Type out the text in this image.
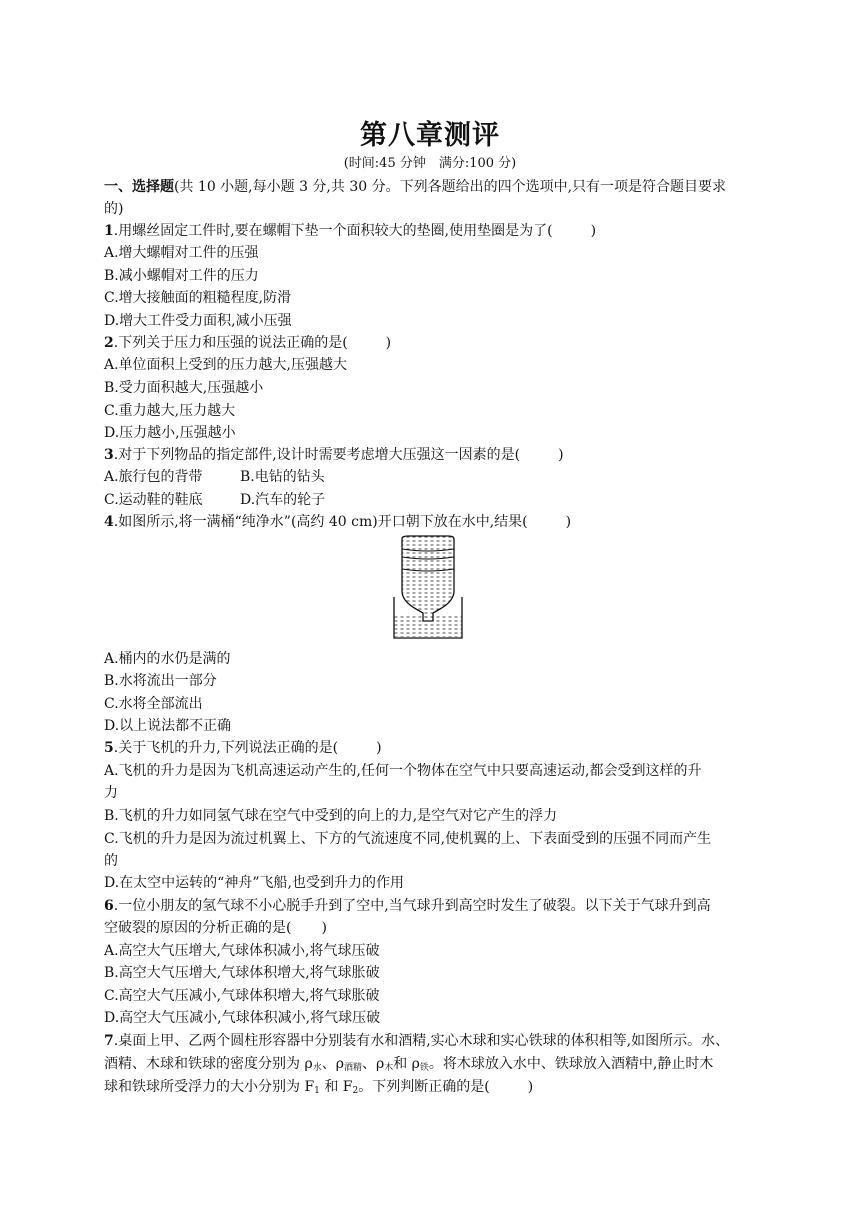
第八章测评
(时间:45 分钟　满分:100 分)
一、选择题(共 10 小题,每小题 3 分,共 30 分。下列各题给出的四个选项中,只有一项是符合题目要求
的)
1.用螺丝固定工件时,要在螺帽下垫一个面积较大的垫圈,使用垫圈是为了(	)
A.增大螺帽对工件的压强
B.减小螺帽对工件的压力
C.增大接触面的粗糙程度,防滑
D.增大工件受力面积,减小压强
2.下列关于压力和压强的说法正确的是(	)
A.单位面积上受到的压力越大,压强越大
B.受力面积越大,压强越小
C.重力越大,压力越大
D.压力越小,压强越小
3.对于下列物品的指定部件,设计时需要考虑增大压强这一因素的是(	)
A.旅行包的背带	B.电钻的钻头
C.运动鞋的鞋底	D.汽车的轮子
4.如图所示,将一满桶“纯净水”(高约 40 cm)开口朝下放在水中,结果(	)
A.桶内的水仍是满的
B.水将流出一部分
C.水将全部流出
D.以上说法都不正确
5.关于飞机的升力,下列说法正确的是(	)
A.飞机的升力是因为飞机高速运动产生的,任何一个物体在空气中只要高速运动,都会受到这样的升
力
B.飞机的升力如同氢气球在空气中受到的向上的力,是空气对它产生的浮力
C.飞机的升力是因为流过机翼上、下方的气流速度不同,使机翼的上、下表面受到的压强不同而产生
的
D.在太空中运转的“神舟”飞船,也受到升力的作用
6.一位小朋友的氢气球不小心脱手升到了空中,当气球升到高空时发生了破裂。以下关于气球升到高
空破裂的原因的分析正确的是( )
A.高空大气压增大,气球体积减小,将气球压破
B.高空大气压增大,气球体积增大,将气球胀破
C.高空大气压减小,气球体积增大,将气球胀破
D.高空大气压减小,气球体积减小,将气球压破
7.桌面上甲、乙两个圆柱形容器中分别装有水和酒精,实心木球和实心铁球的体积相等,如图所示。水、
酒精、木球和铁球的密度分别为 $\rho_水$、$\rho_{酒精}$、$\rho_木$和 $\rho_铁$。将木球放入水中、铁球放入酒精中,静止时木
球和铁球所受浮力的大小分别为 $F_1$ 和 $F_2$。下列判断正确的是(	)
